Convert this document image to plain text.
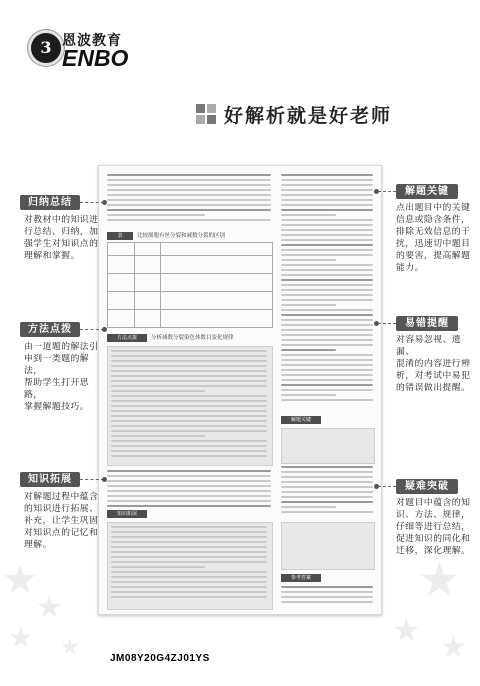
★
★
★ ★
★
★ ★
3 恩波教育
ENBO
好解析就是好老师
表	比较细胞有丝分裂和减数分裂的区别
方法点拨	分析减数分裂染色体数目变化规律
知识拓展
解题关键
参考答案
归纳总结
对教材中的知识进
行总结、归纳，加
强学生对知识点的
理解和掌握。
方法点拨
由一道题的解法引
申到一类题的解法，
帮助学生打开思路，
掌握解题技巧。
知识拓展
对解题过程中蕴含
的知识进行拓展、
补充，让学生巩固
对知识点的记忆和
理解。
解题关键
点出题目中的关键
信息或隐含条件，
排除无效信息的干
扰，迅速切中题目
的要害，提高解题
能力。
易错提醒
对容易忽视、遗漏、
混淆的内容进行辨
析，对考试中易犯
的错误做出提醒。
疑难突破
对题目中蕴含的知
识、方法、规律，
仔细等进行总结，
促进知识的同化和
迁移，深化理解。
JM08Y20G4ZJ01YS
